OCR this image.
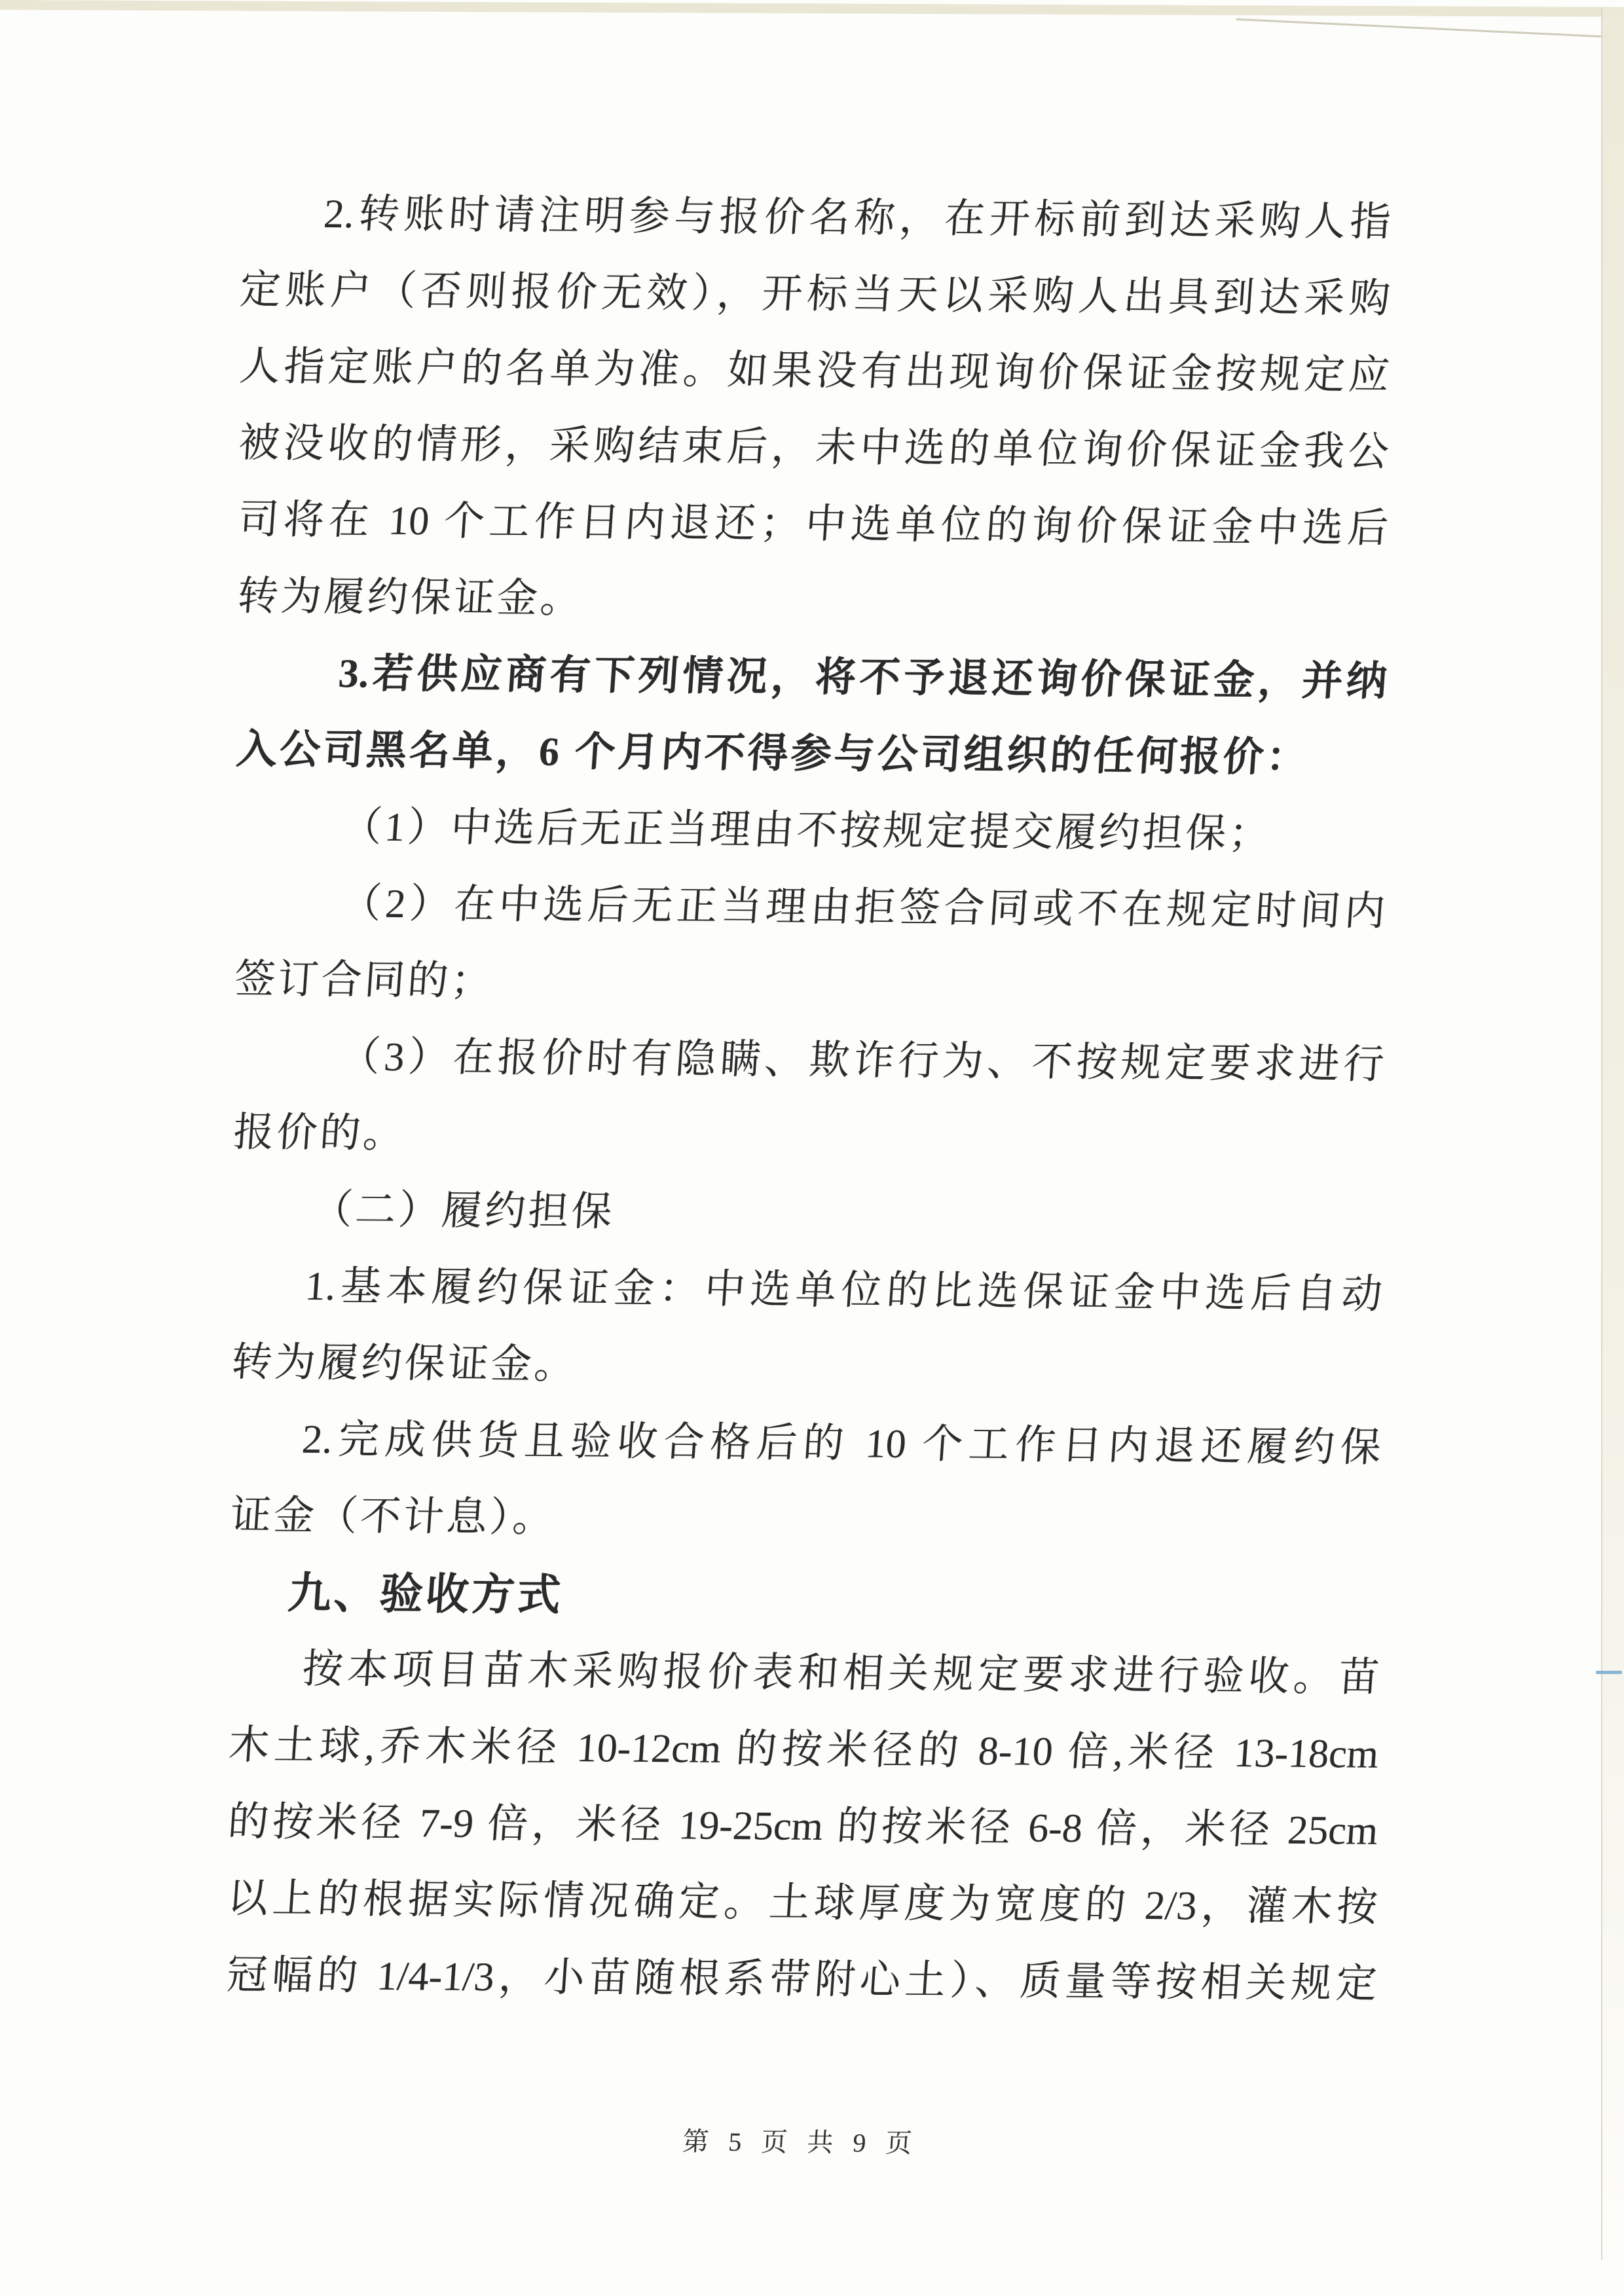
2.转账时请注明参与报价名称，在开标前到达采购人指
定账户（否则报价无效），开标当天以采购人出具到达采购
人指定账户的名单为准。如果没有出现询价保证金按规定应
被没收的情形，采购结束后，未中选的单位询价保证金我公
司将在 10 个工作日内退还；中选单位的询价保证金中选后
转为履约保证金。
3.若供应商有下列情况，将不予退还询价保证金，并纳
入公司黑名单，6 个月内不得参与公司组织的任何报价：
（1）中选后无正当理由不按规定提交履约担保；
（2）在中选后无正当理由拒签合同或不在规定时间内
签订合同的；
（3）在报价时有隐瞒、欺诈行为、不按规定要求进行
报价的。
（二）履约担保
1.基本履约保证金：中选单位的比选保证金中选后自动
转为履约保证金。
2.完成供货且验收合格后的 10 个工作日内退还履约保
证金（不计息）。
九、验收方式
按本项目苗木采购报价表和相关规定要求进行验收。苗
木土球,乔木米径 10-12cm 的按米径的 8-10 倍,米径 13-18cm
的按米径 7-9 倍，米径 19-25cm 的按米径 6-8 倍，米径 25cm
以上的根据实际情况确定。土球厚度为宽度的 2/3，灌木按
冠幅的 1/4-1/3，小苗随根系带附心土）、质量等按相关规定
第 5 页 共 9 页
